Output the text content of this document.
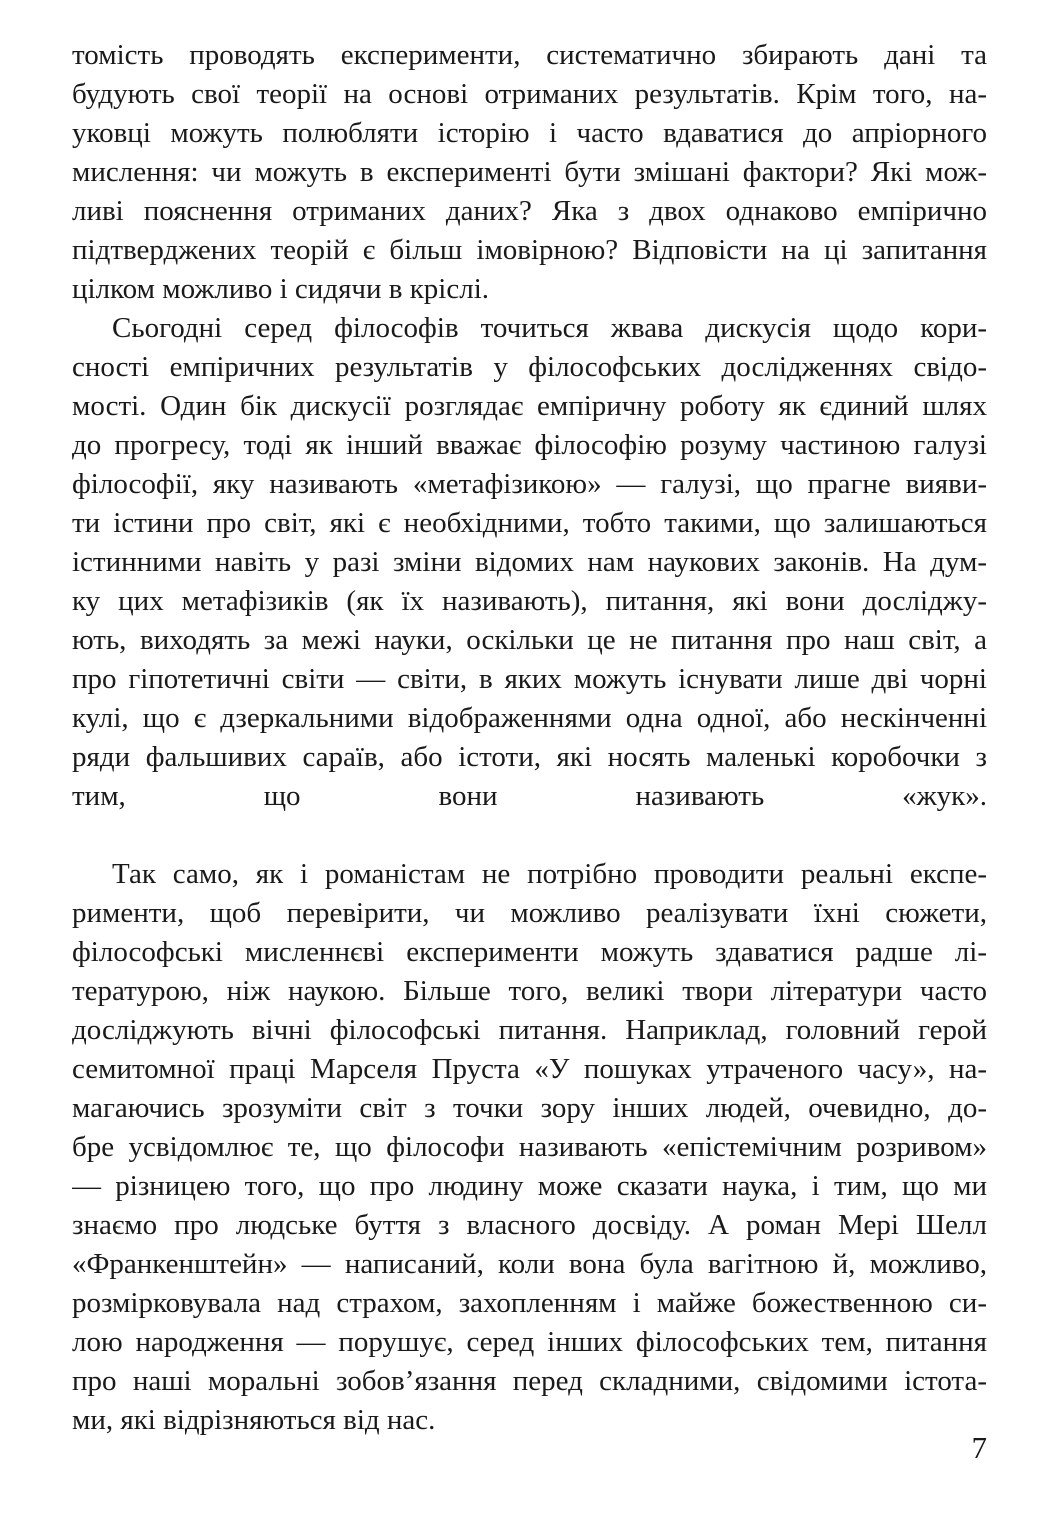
томість проводять експерименти, систематично збирають дані та
будують свої теорії на основі отриманих результатів. Крім того, на-
уковці можуть полюбляти історію і часто вдаватися до апріорного
мислення: чи можуть в експерименті бути змішані фактори? Які мож-
ливі пояснення отриманих даних? Яка з двох однаково емпірично
підтверджених теорій є більш імовірною? Відповісти на ці запитання
цілком можливо і сидячи в кріслі.
Сьогодні серед філософів точиться жвава дискусія щодо кори-
сності емпіричних результатів у філософських дослідженнях свідо-
мості. Один бік дискусії розглядає емпіричну роботу як єдиний шлях
до прогресу, тоді як інший вважає філософію розуму частиною галузі
філософії, яку називають «метафізикою» — галузі, що прагне вияви-
ти істини про світ, які є необхідними, тобто такими, що залишаються
істинними навіть у разі зміни відомих нам наукових законів. На дум-
ку цих метафізиків (як їх називають), питання, які вони досліджу-
ють, виходять за межі науки, оскільки це не питання про наш світ, а
про гіпотетичні світи — світи, в яких можуть існувати лише дві чорні
кулі, що є дзеркальними відображеннями одна одної, або нескінченні
ряди фальшивих сараїв, або істоти, які носять маленькі коробочки з
тим, що вони називають «жук».
Так само, як і романістам не потрібно проводити реальні експе-
рименти, щоб перевірити, чи можливо реалізувати їхні сюжети,
філософські мисленнєві експерименти можуть здаватися радше лі-
тературою, ніж наукою. Більше того, великі твори літератури часто
досліджують вічні філософські питання. Наприклад, головний герой
семитомної праці Марселя Пруста «У пошуках утраченого часу», на-
магаючись зрозуміти світ з точки зору інших людей, очевидно, до-
бре усвідомлює те, що філософи називають «епістемічним розривом»
— різницею того, що про людину може сказати наука, і тим, що ми
знаємо про людське буття з власного досвіду. А роман Мері Шелл
«Франкенштейн» — написаний, коли вона була вагітною й, можливо,
розмірковувала над страхом, захопленням і майже божественною си-
лою народження — порушує, серед інших філософських тем, питання
про наші моральні зобов’язання перед складними, свідомими істота-
ми, які відрізняються від нас.
7
